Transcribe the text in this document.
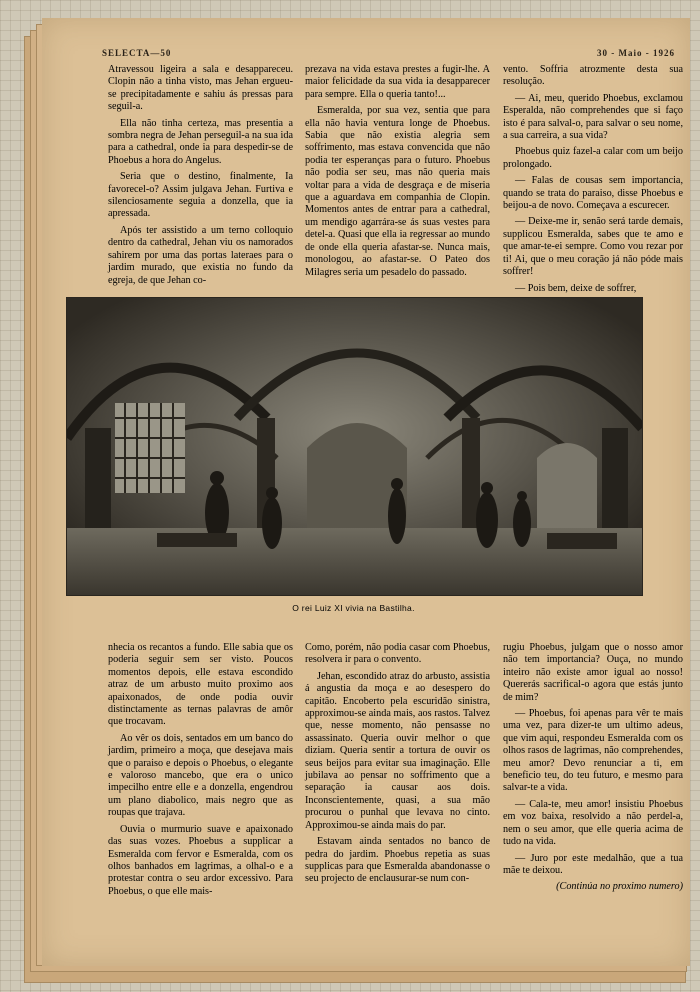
SELECTA—50	30 - Maio - 1926

Atravessou ligeira a sala e desappareceu. Clopin não a tinha visto, mas Jehan ergueu-se precipitadamente e sahiu ás pressas para seguil-a.

Ella não tinha certeza, mas presentia a sombra negra de Jehan perseguil-a na sua ida para a cathedral, onde ia para despedir-se de Phoebus a hora do Angelus.

Seria que o destino, finalmente, Ia favorecel-o? Assim julgava Jehan. Furtiva e silenciosamente seguia a donzella, que ia apressada.

Após ter assistido a um terno colloquio dentro da cathedral, Jehan viu os namorados sahirem por uma das portas lateraes para o jardim murado, que existia no fundo da egreja, de que Jehan co-

prezava na vida estava prestes a fugir-lhe. A maior felicidade da sua vida ia desapparecer para sempre. Ella o queria tanto!...

Esmeralda, por sua vez, sentia que para ella não havia ventura longe de Phoebus. Sabia que não existia alegria sem soffrimento, mas estava convencida que não podia ter esperanças para o futuro. Phoebus não podia ser seu, mas não queria mais voltar para a vida de desgraça e de miseria que a aguardava em companhia de Clopin. Momentos antes de entrar para a cathedral, um mendigo agarrára-se ás suas vestes para detel-a. Quasi que ella ia regressar ao mundo de onde ella queria afastar-se. Nunca mais, monologou, ao afastar-se. O Pateo dos Milagres seria um pesadelo do passado.

vento. Soffria atrozmente desta sua resolução.

— Ai, meu, querido Phoebus, exclamou Esperalda, não comprehendes que si faço isto é para salval-o, para salvar o seu nome, a sua carreira, a sua vida?

Phoebus quiz fazel-a calar com um beijo prolongado.

— Falas de cousas sem importancia, quando se trata do paraiso, disse Phoebus e beijou-a de novo. Começava a escurecer.

— Deixe-me ir, senão será tarde demais, supplicou Esmeralda, sabes que te amo e que amar-te-ei sempre. Como vou rezar por ti! Ai, que o meu coração já não póde mais soffrer!

— Pois bem, deixe de soffrer,

O rei Luiz XI vivia na Bastilha.

nhecia os recantos a fundo. Elle sabia que os poderia seguir sem ser visto. Poucos momentos depois, elle estava escondido atraz de um arbusto muito proximo aos apaixonados, de onde podia ouvir distinctamente as ternas palavras de amôr que trocavam.

Ao vêr os dois, sentados em um banco do jardim, primeiro a moça, que desejava mais que o paraiso e depois o Phoebus, o elegante e valoroso mancebo, que era o unico impecilho entre elle e a donzella, engendrou um plano diabolico, mais negro que as roupas que trajava.

Ouvia o murmurio suave e apaixonado das suas vozes. Phoebus a supplicar a Esmeralda com fervor e Esmeralda, com os olhos banhados em lagrimas, a olhal-o e a protestar contra o seu ardor excessivo. Para Phoebus, o que elle mais-

Como, porém, não podia casar com Phoebus, resolvera ir para o convento.

Jehan, escondido atraz do arbusto, assistia á angustia da moça e ao desespero do capitão. Encoberto pela escuridão sinistra, approximou-se ainda mais, aos rastos. Talvez que, nesse momento, não pensasse no assassinato. Queria ouvir melhor o que diziam. Queria sentir a tortura de ouvir os seus beijos para evitar sua imaginação. Elle jubilava ao pensar no soffrimento que a separação ia causar aos dois. Inconscientemente, quasi, a sua mão procurou o punhal que levava no cinto. Approximou-se ainda mais do par.

Estavam ainda sentados no banco de pedra do jardim. Phoebus repetia as suas supplicas para que Esmeralda abandonasse o seu projecto de enclausurar-se num con-

rugiu Phoebus, julgam que o nosso amor não tem importancia? Ouça, no mundo inteiro não existe amor igual ao nosso! Quererás sacrifical-o agora que estás junto de mim?

— Phoebus, foi apenas para vêr te mais uma vez, para dizer-te um ultimo adeus, que vim aqui, respondeu Esmeralda com os olhos rasos de lagrimas, não comprehendes, meu amor? Devo renunciar a ti, em beneficio teu, do teu futuro, e mesmo para salvar-te a vida.

— Cala-te, meu amor! insistiu Phoebus em voz baixa, resolvido a não perdel-a, nem o seu amor, que elle queria acima de tudo na vida.

— Juro por este medalhão, que a tua mãe te deixou.

(Continúa no proximo numero)
